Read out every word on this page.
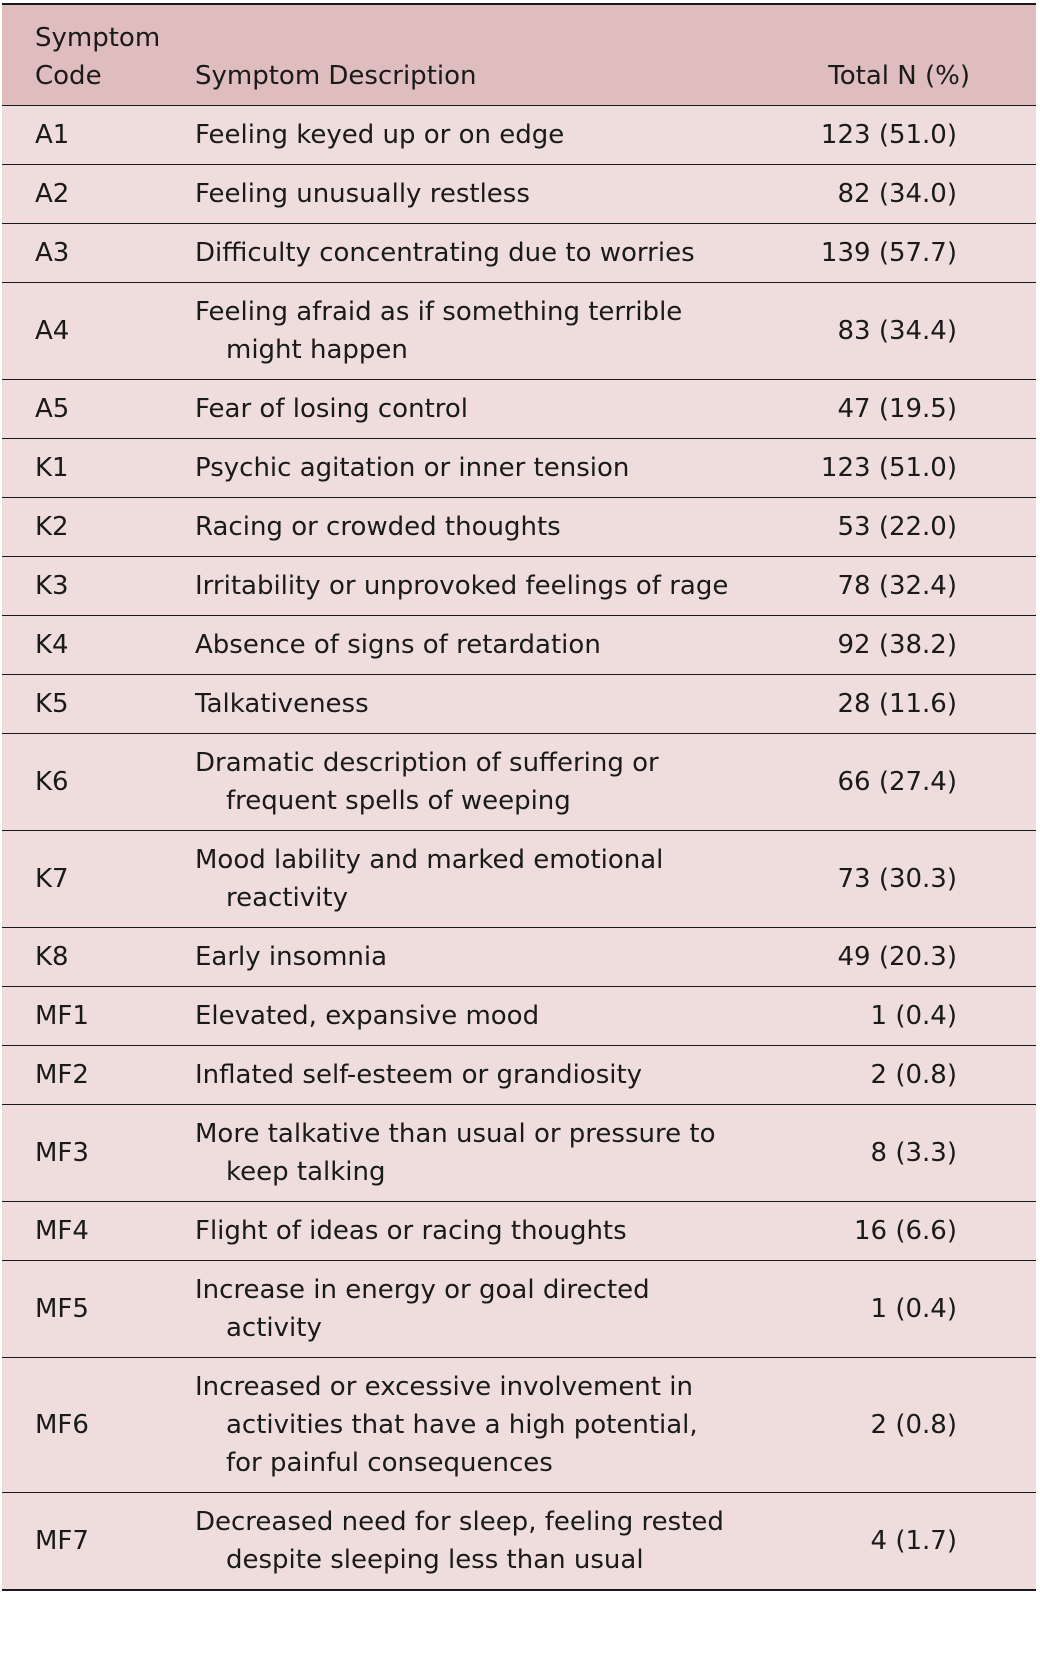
Symptom Code	Symptom Description	Total N (%)
A1	Feeling keyed up or on edge	123 (51.0)
A2	Feeling unusually restless	82 (34.0)
A3	Difficulty concentrating due to worries	139 (57.7)
A4	Feeling afraid as if something terrible might happen	83 (34.4)
A5	Fear of losing control	47 (19.5)
K1	Psychic agitation or inner tension	123 (51.0)
K2	Racing or crowded thoughts	53 (22.0)
K3	Irritability or unprovoked feelings of rage	78 (32.4)
K4	Absence of signs of retardation	92 (38.2)
K5	Talkativeness	28 (11.6)
K6	Dramatic description of suffering or frequent spells of weeping	66 (27.4)
K7	Mood lability and marked emotional reactivity	73 (30.3)
K8	Early insomnia	49 (20.3)
MF1	Elevated, expansive mood	1 (0.4)
MF2	Inflated self-esteem or grandiosity	2 (0.8)
MF3	More talkative than usual or pressure to keep talking	8 (3.3)
MF4	Flight of ideas or racing thoughts	16 (6.6)
MF5	Increase in energy or goal directed activity	1 (0.4)
MF6	Increased or excessive involvement in activities that have a high potential, for painful consequences	2 (0.8)
MF7	Decreased need for sleep, feeling rested despite sleeping less than usual	4 (1.7)
